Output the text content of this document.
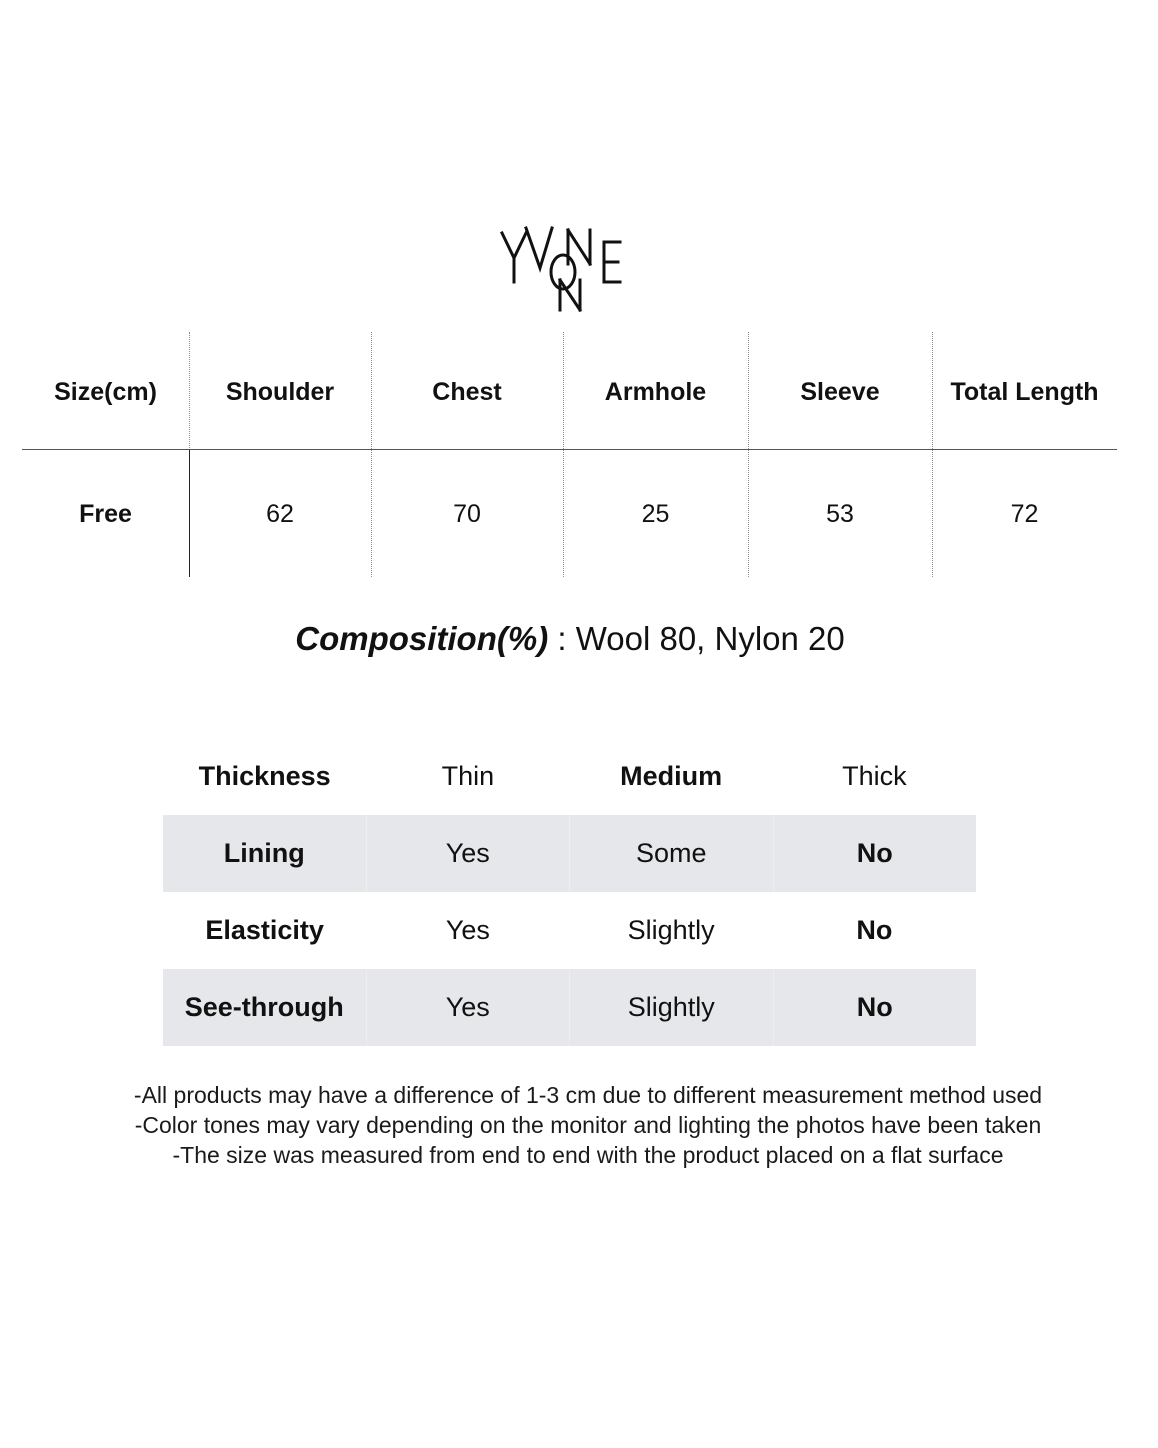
Size(cm)	Shoulder	Chest	Armhole	Sleeve	Total Length
Free	62	70	25	53	72
Composition(%) : Wool 80, Nylon 20
Thickness	Thin	Medium	Thick
Lining	Yes	Some	No
Elasticity	Yes	Slightly	No
See-through	Yes	Slightly	No
-All products may have a difference of 1-3 cm due to different measurement method used
-Color tones may vary depending on the monitor and lighting the photos have been taken
-The size was measured from end to end with the product placed on a flat surface
